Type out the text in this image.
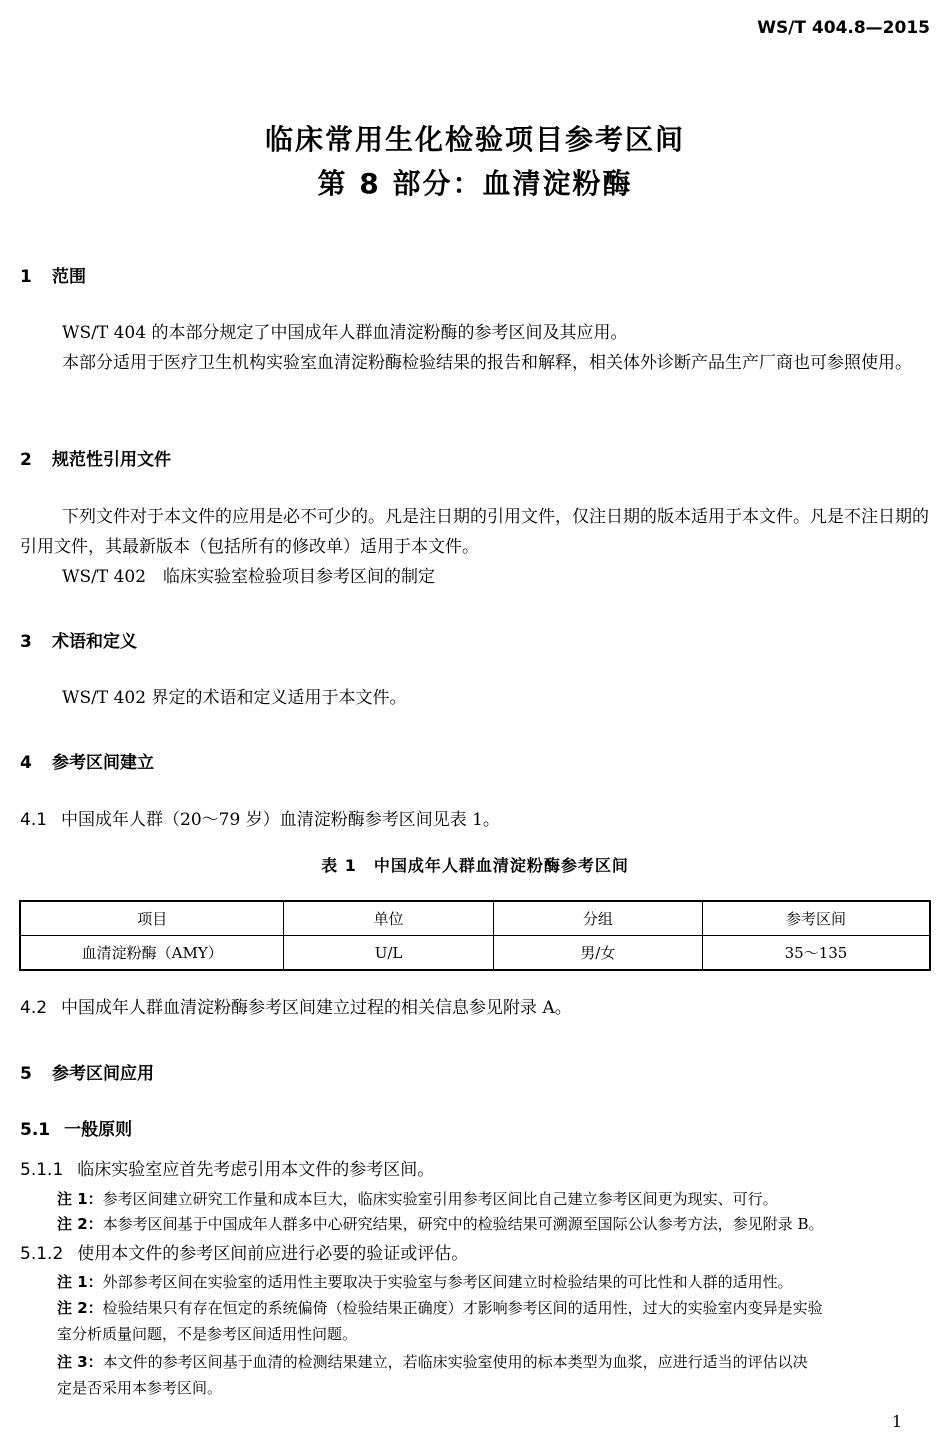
WS/T 404.8—2015
临床常用生化检验项目参考区间
第 8 部分：血清淀粉酶
1 范围
WS/T 404 的本部分规定了中国成年人群血清淀粉酶的参考区间及其应用。
本部分适用于医疗卫生机构实验室血清淀粉酶检验结果的报告和解释，相关体外诊断产品生产厂商也可参照使用。
2 规范性引用文件
下列文件对于本文件的应用是必不可少的。凡是注日期的引用文件，仅注日期的版本适用于本文件。凡是不注日期的引用文件，其最新版本（包括所有的修改单）适用于本文件。
WS/T 402　临床实验室检验项目参考区间的制定
3 术语和定义
WS/T 402 界定的术语和定义适用于本文件。
4 参考区间建立
4.1 中国成年人群（20～79 岁）血清淀粉酶参考区间见表 1。
表 1　中国成年人群血清淀粉酶参考区间
项目	单位	分组	参考区间
血清淀粉酶（AMY）	U/L	男/女	35～135
4.2 中国成年人群血清淀粉酶参考区间建立过程的相关信息参见附录 A。
5 参考区间应用
5.1 一般原则
5.1.1 临床实验室应首先考虑引用本文件的参考区间。
注 1：参考区间建立研究工作量和成本巨大，临床实验室引用参考区间比自己建立参考区间更为现实、可行。
注 2：本参考区间基于中国成年人群多中心研究结果，研究中的检验结果可溯源至国际公认参考方法，参见附录 B。
5.1.2 使用本文件的参考区间前应进行必要的验证或评估。
注 1：外部参考区间在实验室的适用性主要取决于实验室与参考区间建立时检验结果的可比性和人群的适用性。
注 2：检验结果只有存在恒定的系统偏倚（检验结果正确度）才影响参考区间的适用性，过大的实验室内变异是实验
室分析质量问题，不是参考区间适用性问题。
注 3：本文件的参考区间基于血清的检测结果建立，若临床实验室使用的标本类型为血浆，应进行适当的评估以决
定是否采用本参考区间。
1
